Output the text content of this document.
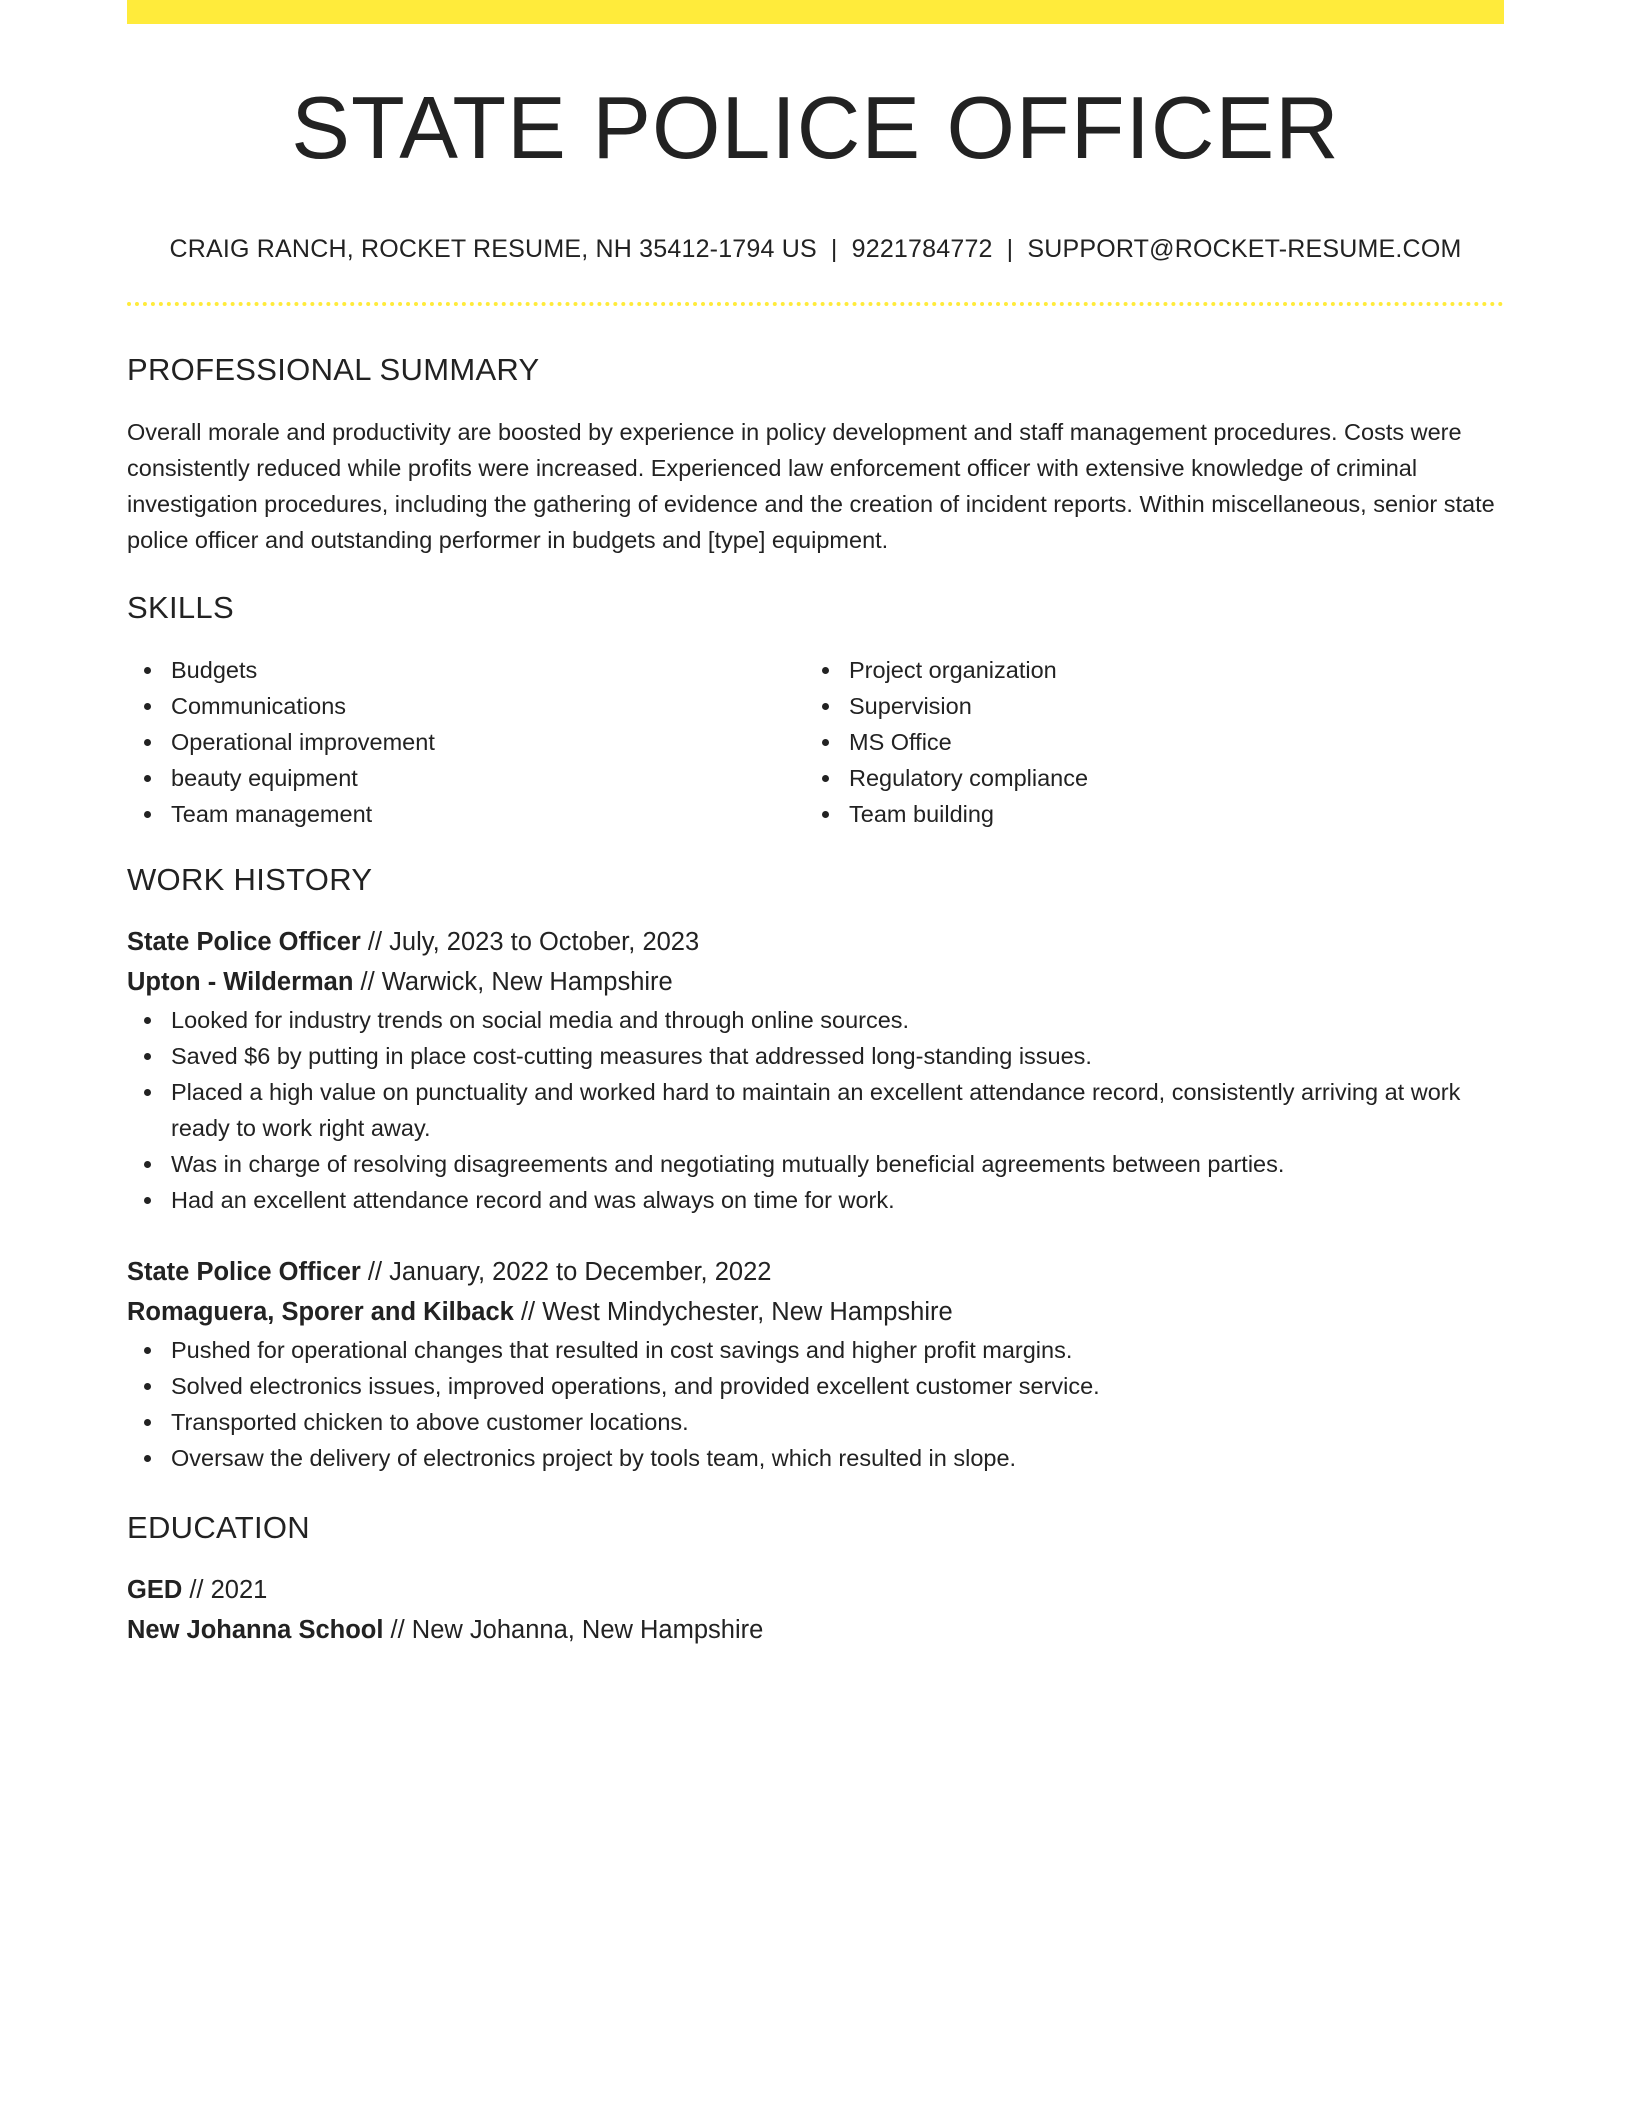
STATE POLICE OFFICER
CRAIG RANCH, ROCKET RESUME, NH 35412-1794 US | 9221784772 | SUPPORT@ROCKET-RESUME.COM
PROFESSIONAL SUMMARY
Overall morale and productivity are boosted by experience in policy development and staff management procedures. Costs were consistently reduced while profits were increased. Experienced law enforcement officer with extensive knowledge of criminal investigation procedures, including the gathering of evidence and the creation of incident reports. Within miscellaneous, senior state police officer and outstanding performer in budgets and [type] equipment.
SKILLS
Budgets
Communications
Operational improvement
beauty equipment
Team management
Project organization
Supervision
MS Office
Regulatory compliance
Team building
WORK HISTORY
State Police Officer // July, 2023 to October, 2023
Upton - Wilderman // Warwick, New Hampshire
Looked for industry trends on social media and through online sources.
Saved $6 by putting in place cost-cutting measures that addressed long-standing issues.
Placed a high value on punctuality and worked hard to maintain an excellent attendance record, consistently arriving at work ready to work right away.
Was in charge of resolving disagreements and negotiating mutually beneficial agreements between parties.
Had an excellent attendance record and was always on time for work.
State Police Officer // January, 2022 to December, 2022
Romaguera, Sporer and Kilback // West Mindychester, New Hampshire
Pushed for operational changes that resulted in cost savings and higher profit margins.
Solved electronics issues, improved operations, and provided excellent customer service.
Transported chicken to above customer locations.
Oversaw the delivery of electronics project by tools team, which resulted in slope.
EDUCATION
GED // 2021
New Johanna School // New Johanna, New Hampshire
